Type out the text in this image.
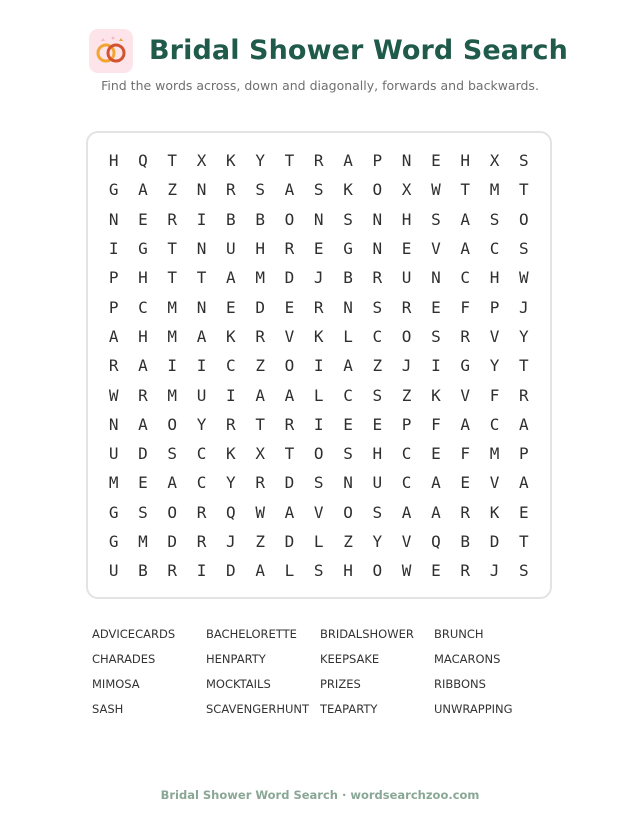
Bridal Shower Word Search
Find the words across, down and diagonally, forwards and backwards.
H	Q	T	X	K	Y	T	R	A	P	N	E	H	X	S
G	A	Z	N	R	S	A	S	K	O	X	W	T	M	T
N	E	R	I	B	B	O	N	S	N	H	S	A	S	O
I	G	T	N	U	H	R	E	G	N	E	V	A	C	S
P	H	T	T	A	M	D	J	B	R	U	N	C	H	W
P	C	M	N	E	D	E	R	N	S	R	E	F	P	J
A	H	M	A	K	R	V	K	L	C	O	S	R	V	Y
R	A	I	I	C	Z	O	I	A	Z	J	I	G	Y	T
W	R	M	U	I	A	A	L	C	S	Z	K	V	F	R
N	A	O	Y	R	T	R	I	E	E	P	F	A	C	A
U	D	S	C	K	X	T	O	S	H	C	E	F	M	P
M	E	A	C	Y	R	D	S	N	U	C	A	E	V	A
G	S	O	R	Q	W	A	V	O	S	A	A	R	K	E
G	M	D	R	J	Z	D	L	Z	Y	V	Q	B	D	T
U	B	R	I	D	A	L	S	H	O	W	E	R	J	S
ADVICECARDS	BACHELORETTE	BRIDALSHOWER	BRUNCH
CHARADES	HENPARTY	KEEPSAKE	MACARONS
MIMOSA	MOCKTAILS	PRIZES	RIBBONS
SASH	SCAVENGERHUNT TEAPARTY	UNWRAPPING
Bridal Shower Word Search · wordsearchzoo.com
